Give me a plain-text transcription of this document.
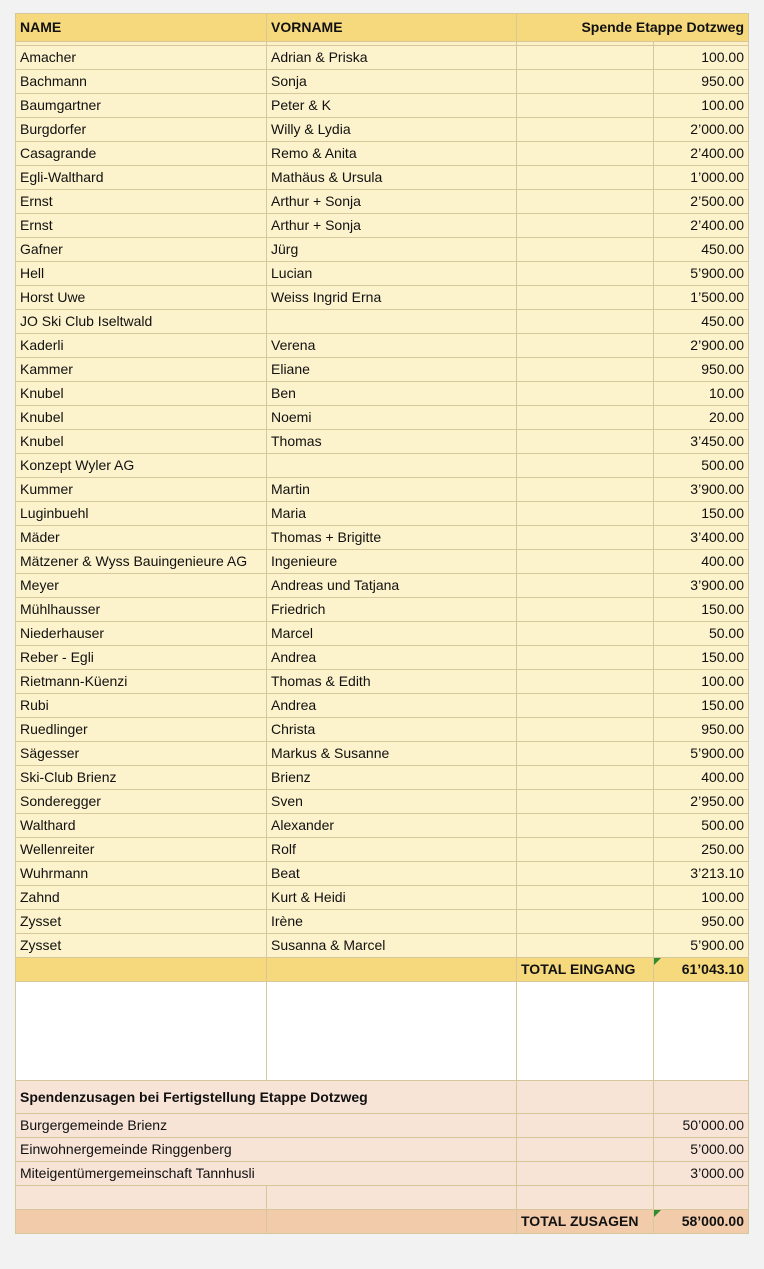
NAME	VORNAME	Spende Etappe Dotzweg	

Amacher	Adrian & Priska		100.00
Bachmann	Sonja		950.00
Baumgartner	Peter & K		100.00
Burgdorfer	Willy & Lydia		2’000.00
Casagrande	Remo & Anita		2’400.00
Egli-Walthard	Mathäus & Ursula		1’000.00
Ernst	Arthur + Sonja		2’500.00
Ernst	Arthur + Sonja		2’400.00
Gafner	Jürg		450.00
Hell	Lucian		5’900.00
Horst Uwe	Weiss Ingrid Erna		1’500.00
JO Ski Club Iseltwald			450.00
Kaderli	Verena		2’900.00
Kammer	Eliane		950.00
Knubel	Ben		10.00
Knubel	Noemi		20.00
Knubel	Thomas		3’450.00
Konzept Wyler AG			500.00
Kummer	Martin		3’900.00
Luginbuehl	Maria		150.00
Mäder	Thomas + Brigitte		3’400.00
Mätzener & Wyss Bauingenieure AG	Ingenieure		400.00
Meyer	Andreas und Tatjana		3’900.00
Mühlhausser	Friedrich		150.00
Niederhauser	Marcel		50.00
Reber - Egli	Andrea		150.00
Rietmann-Küenzi	Thomas & Edith		100.00
Rubi	Andrea		150.00
Ruedlinger	Christa		950.00
Sägesser	Markus & Susanne		5’900.00
Ski-Club Brienz	Brienz		400.00
Sonderegger	Sven		2’950.00
Walthard	Alexander		500.00
Wellenreiter	Rolf		250.00
Wuhrmann	Beat		3’213.10
Zahnd	Kurt & Heidi		100.00
Zysset	Irène		950.00
Zysset	Susanna & Marcel		5’900.00
		TOTAL EINGANG	61’043.10

Spendenzusagen bei Fertigstellung Etappe Dotzweg			
Burgergemeinde Brienz			50’000.00
Einwohnergemeinde Ringgenberg			5’000.00
Miteigentümergemeinschaft Tannhusli			3’000.00

		TOTAL ZUSAGEN	58’000.00
